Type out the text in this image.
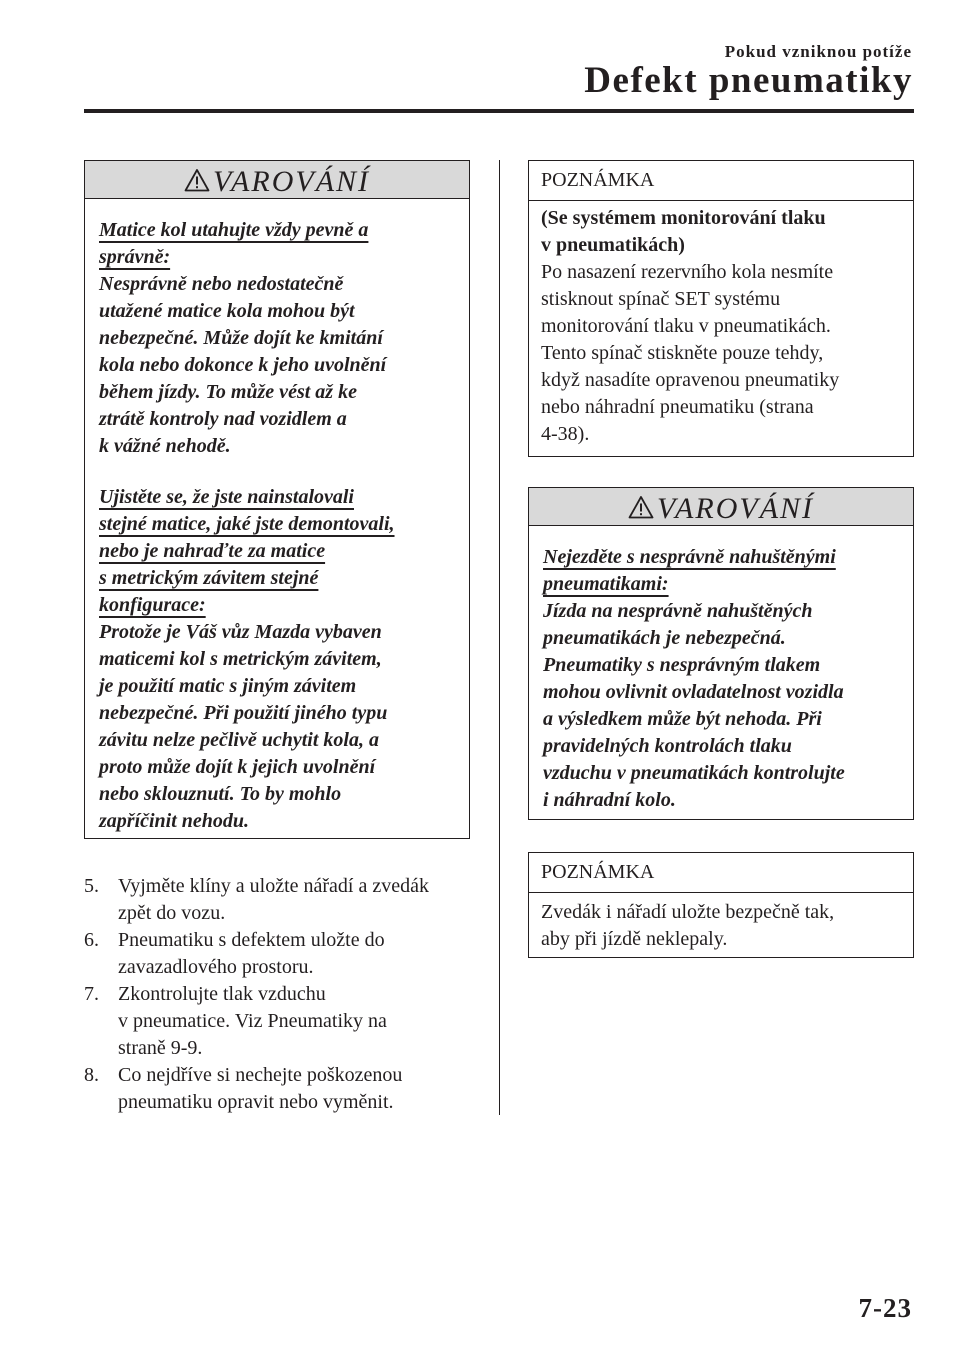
Pokud vzniknou potíže
Defekt pneumatiky
VAROVÁNÍ

Matice kol utahujte vždy pevně a

správně:

Nesprávně nebo nedostatečně

utažené matice kola mohou být

nebezpečné. Může dojít ke kmitání

kola nebo dokonce k jeho uvolnění

během jízdy. To může vést až ke

ztrátě kontroly nad vozidlem a

k vážné nehodě.

Ujistěte se, že jste nainstalovali

stejné matice, jaké jste demontovali,

nebo je nahraďte za matice

s metrickým závitem stejné

konfigurace:

Protože je Váš vůz Mazda vybaven

maticemi kol s metrickým závitem,

je použití matic s jiným závitem

nebezpečné. Při použití jiného typu

závitu nelze pečlivě uchytit kola, a

proto může dojít k jejich uvolnění

nebo sklouznutí. To by mohlo

zapříčinit nehodu.

5. Vyjměte klíny a uložte nářadí a zvedák
zpět do vozu.
6. Pneumatiku s defektem uložte do
zavazadlového prostoru.
7. Zkontrolujte tlak vzduchu
v pneumatice. Viz Pneumatiky na
straně 9-9.
8. Co nejdříve si nechejte poškozenou
pneumatiku opravit nebo vyměnit.
POZNÁMKA

(Se systémem monitorování tlaku

v pneumatikách)

Po nasazení rezervního kola nesmíte

stisknout spínač SET systému

monitorování tlaku v pneumatikách.

Tento spínač stiskněte pouze tehdy,

když nasadíte opravenou pneumatiky

nebo náhradní pneumatiku (strana

4-38).

VAROVÁNÍ

Nejezděte s nesprávně nahuštěnými

pneumatikami:

Jízda na nesprávně nahuštěných

pneumatikách je nebezpečná.

Pneumatiky s nesprávným tlakem

mohou ovlivnit ovladatelnost vozidla

a výsledkem může být nehoda. Při

pravidelných kontrolách tlaku

vzduchu v pneumatikách kontrolujte

i náhradní kolo.

POZNÁMKA

Zvedák i nářadí uložte bezpečně tak,

aby při jízdě neklepaly.

7-23
